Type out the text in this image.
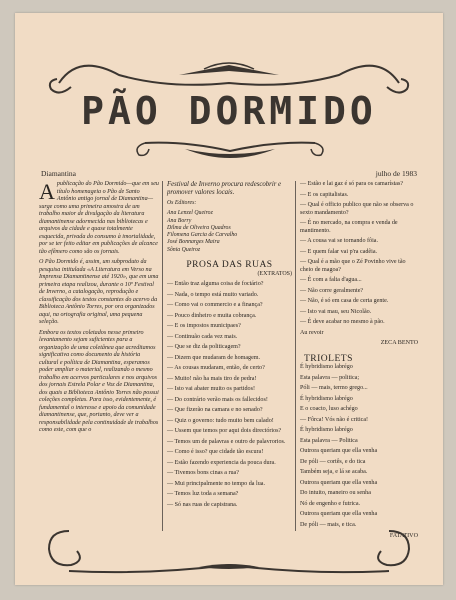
PÃO DORMIDO
Diamantina	julho de 1983

Apublicação do Pão Dormido—que em seu título homenageia o Pão de Santo Antônio antigo jornal de Diamantina—surge como uma primeira amostra de um trabalho maior de divulgação da literatura diamantinense adormecida nas bibliotecas e arquivos da cidade e quase totalmente esquecida, privada do consumo à imortalidade, por se ter feito editar em publicações de alcance tão efêmero como são os jornais.

O Pão Dormido é, assim, um subproduto da pesquisa intitulada «A Literatura em Verso na Imprensa Diamantinense até 1920», que em uma primeira etapa realizou, durante o 10º Festival de Inverno, a catalogação, reprodução e classificação dos textos constantes do acervo da Biblioteca Antônio Torres, por ora organizados aqui, na ortografia original, uma pequena seleção.

Embora os textos coletados nesse primeiro levantamento sejam suficientes para a organização de uma coletânea que acreditamos significativa como documento da história cultural e política de Diamantina, esperamos poder ampliar o material, realizando o mesmo trabalho em acervos particulares e nos arquivos dos jornais Estrela Polar e Voz de Diamantina, dos quais a Biblioteca Antônio Torres não possui coleções completas. Para isso, evidentemente, é fundamental o interesse e apoio da comunidade diamantinense, que, portanto, deve ver a responsabilidade pela continuidade de trabalhos como este, com que o

Festival de Inverno procura redescobrir e promover valores locais.

Os Editores:

Ana Lenzel Queiroz
Ana Borry
Dilma de Oliveira Quadros
Filomena Garcia de Carvalho
José Bonnarges Maira
Sônia Queiroz
PROSA DAS RUAS
(EXTRATOS)
— Então traz alguma coisa de foctário?
— Nada, o tempo está muito variado.
— Como vai o commercio e a finança?
— Pouco dinheiro e muita cobrança.
— E os impostos municipaes?
— Continuão cada vez mais.
— Que se diz da politicagem?
— Dizem que mudaram de homagem.
— As cousas mudaram, então, de certo?
— Muito! não ha mais tiro de pedra!
— Isto vai abater muito os partidos!
— Do contrário verão mais os fallecidos!
— Que fizerão na camara e no senado?
— Quiz o governo: tudo muito bem calado!
— Ussem que temos por aqui dois directórios?
— Temos um de palavras e outro de palavrorios.
— Como é isso? que cidade tão escura!
— Estão fazendo experiencia da pouca dura.
— Tivemos bons cinas a rua?
— Mui principalmente no tempo da lua.
— Temos luz toda a semana?
— Só nas ruas de capistrana.
— Estão e lai gaz é só para os camarístas?
— E os capitalistas.
— Qual é officio publico que não se observa o sexto mandamento?
— É no mercado, na compra e venda de mantimento.
— A cousa vai se tornando fôia.
— E quem falar vai p'ra cadêia.
— Qual é a mão que o Zé Povinho vive tão cheio de magoa?
— É com a falta d'agua...
— Não corre geralmente?
— Não, é só em casa de certa gente.
— Isto vai mau, seu Nicolão.
— É deve acabar no mesmo à pão.
Au revoir
ZECA BENTO
TRIOLETS
É hybridismo labrégo
Esta palavra — politica;
Póli — mais, termo grego...
É hybridismo labrégo
E o coacto, luso achégo
— Fôrca! Vós não é critica!
É hybridismo labrégo
Esta palavra — Politica
Outrora queriam que ella venha
De póli — cortês, e do tica
Também seja, e lá se acaba.
Outrora queriam que ella venha
Do intuito, maneiro ou senha
Nó de engenho e futrica.
Outrora queriam que ella venha
De póli — mais, e tica.
FATATIVO
